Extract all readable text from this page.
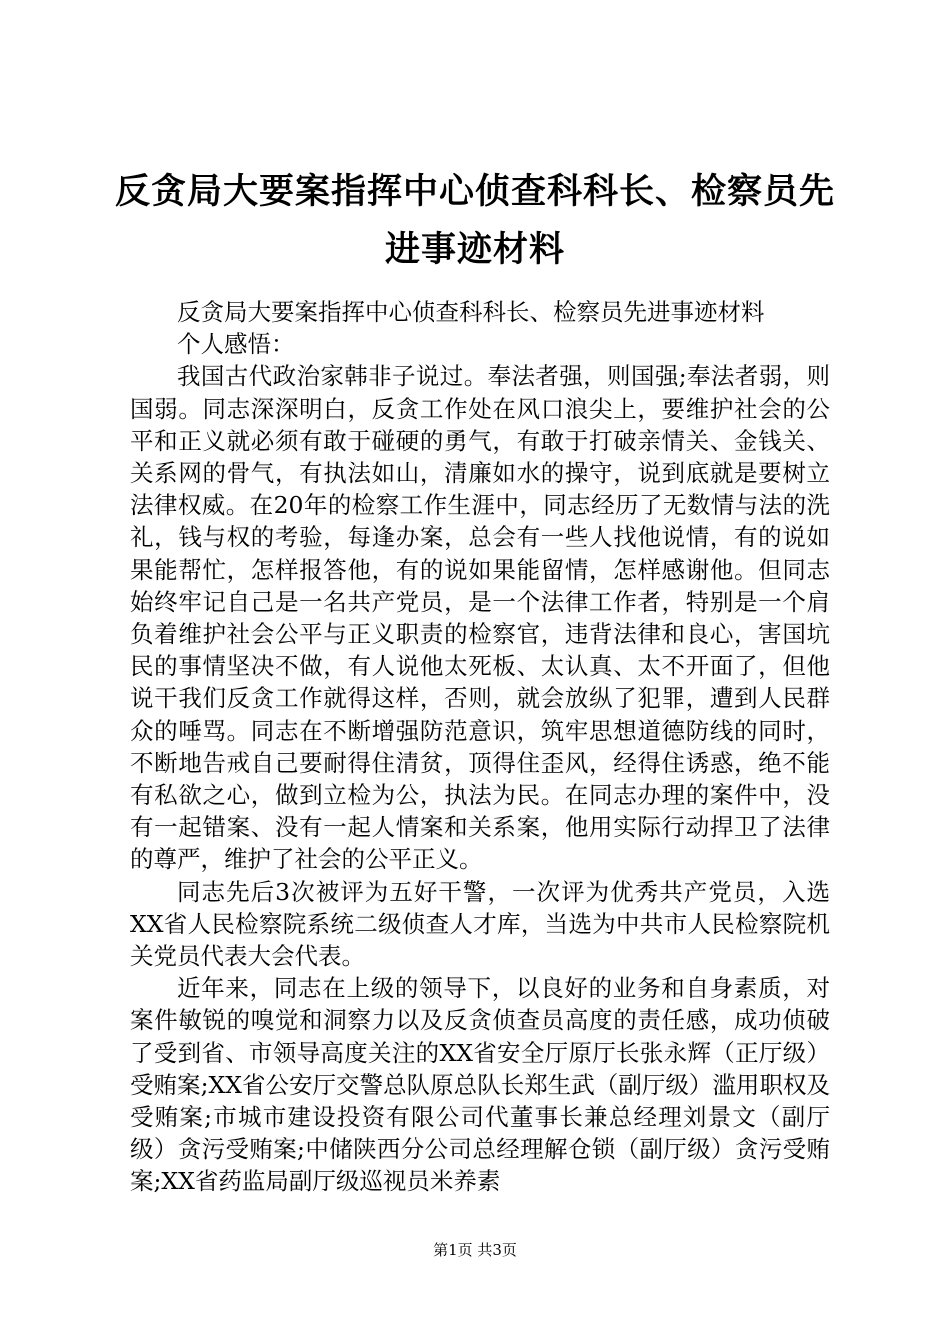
反贪局大要案指挥中心侦查科科长、检察员先进事迹材料

反贪局大要案指挥中心侦查科科长、检察员先进事迹材料

个人感悟：

我国古代政治家韩非子说过。奉法者强，则国强;奉法者弱，则国弱。同志深深明白，反贪工作处在风口浪尖上，要维护社会的公平和正义就必须有敢于碰硬的勇气，有敢于打破亲情关、金钱关、关系网的骨气，有执法如山，清廉如水的操守，说到底就是要树立法律权威。在20年的检察工作生涯中，同志经历了无数情与法的洗礼，钱与权的考验，每逢办案，总会有一些人找他说情，有的说如果能帮忙，怎样报答他，有的说如果能留情，怎样感谢他。但同志始终牢记自己是一名共产党员，是一个法律工作者，特别是一个肩负着维护社会公平与正义职责的检察官，违背法律和良心，害国坑民的事情坚决不做，有人说他太死板、太认真、太不开面了，但他说干我们反贪工作就得这样，否则，就会放纵了犯罪，遭到人民群众的唾骂。同志在不断增强防范意识，筑牢思想道德防线的同时，不断地告戒自己要耐得住清贫，顶得住歪风，经得住诱惑，绝不能有私欲之心，做到立检为公，执法为民。在同志办理的案件中，没有一起错案、没有一起人情案和关系案，他用实际行动捍卫了法律的尊严，维护了社会的公平正义。

同志先后3次被评为五好干警，一次评为优秀共产党员，入选XX省人民检察院系统二级侦查人才库，当选为中共市人民检察院机关党员代表大会代表。

近年来，同志在上级的领导下，以良好的业务和自身素质，对案件敏锐的嗅觉和洞察力以及反贪侦查员高度的责任感，成功侦破了受到省、市领导高度关注的XX省安全厅原厅长张永辉（正厅级）受贿案;XX省公安厅交警总队原总队长郑生武（副厅级）滥用职权及受贿案;市城市建设投资有限公司代董事长兼总经理刘景文（副厅级）贪污受贿案;中储陕西分公司总经理解仓锁（副厅级）贪污受贿案;XX省药监局副厅级巡视员米养素

第1页 共3页
